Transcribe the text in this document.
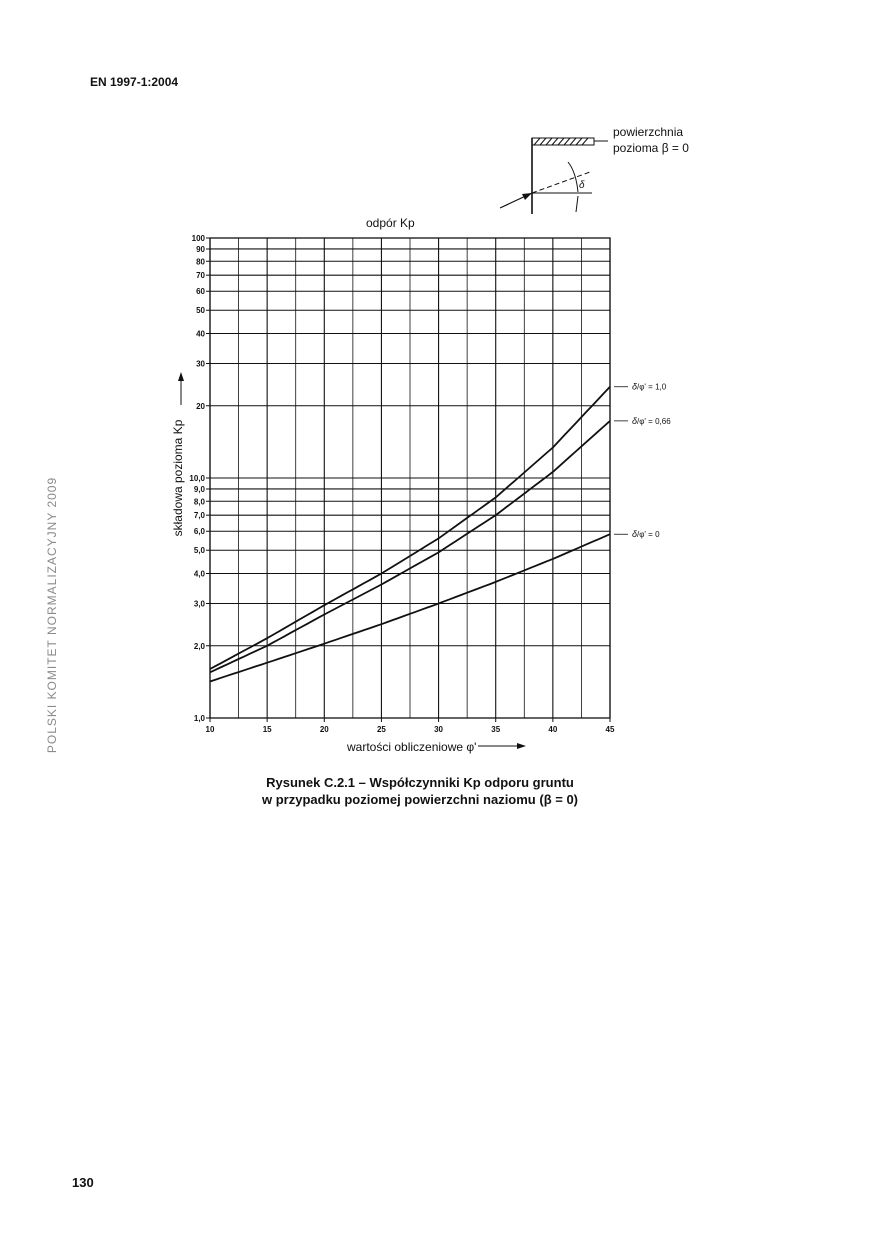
EN 1997-1:2004
POLSKI KOMITET NORMALIZACYJNY 2009
powierzchnia
pozioma β = 0
δ
odpór Kp
wartości obliczeniowe φ'
składowa pozioma Kp
1,0
2,0
3,0
4,0
5,0
6,0
7,0
8,0
9,0
10,0
20
30
40
50
60
70
80
90
100
10	15	20	25	30	35	40	45
δ/φ' = 1,0
δ/φ' = 0,66
δ/φ' = 0
Rysunek C.2.1 – Współczynniki Kp odporu gruntu
w przypadku poziomej powierzchni naziomu (β = 0)
130
